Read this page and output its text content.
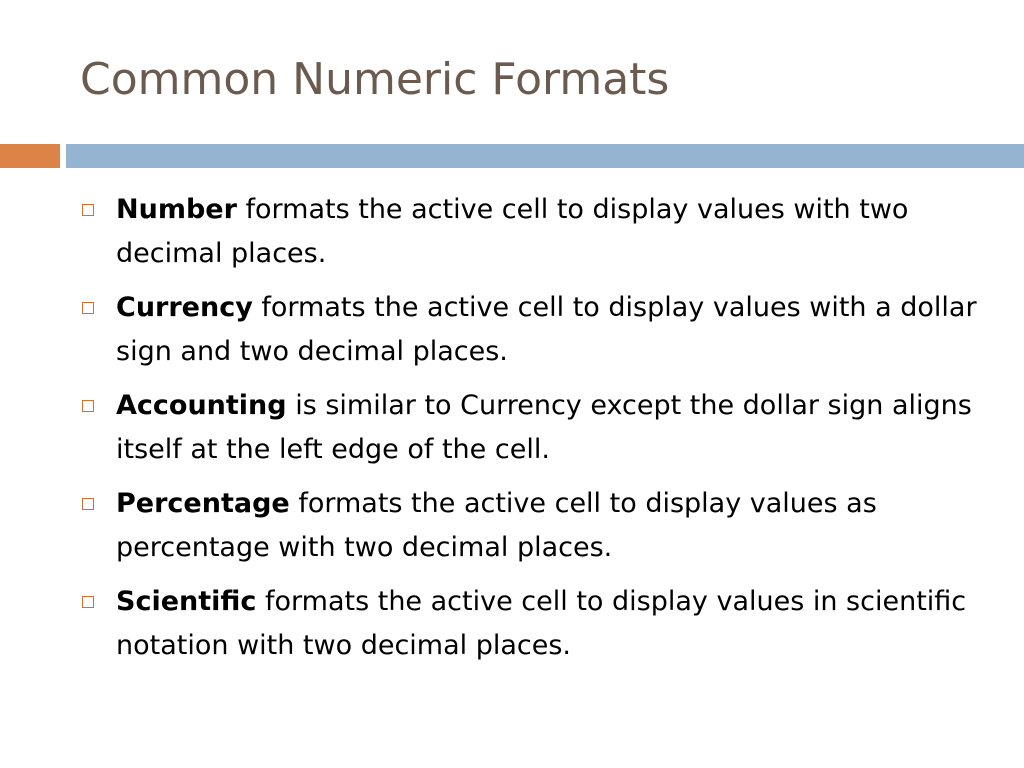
Common Numeric Formats
Number formats the active cell to display values with two decimal places.
Currency formats the active cell to display values with a dollar sign and two decimal places.
Accounting is similar to Currency except the dollar sign aligns itself at the left edge of the cell.
Percentage formats the active cell to display values as percentage with two decimal places.
Scientific formats the active cell to display values in scientific notation with two decimal places.
